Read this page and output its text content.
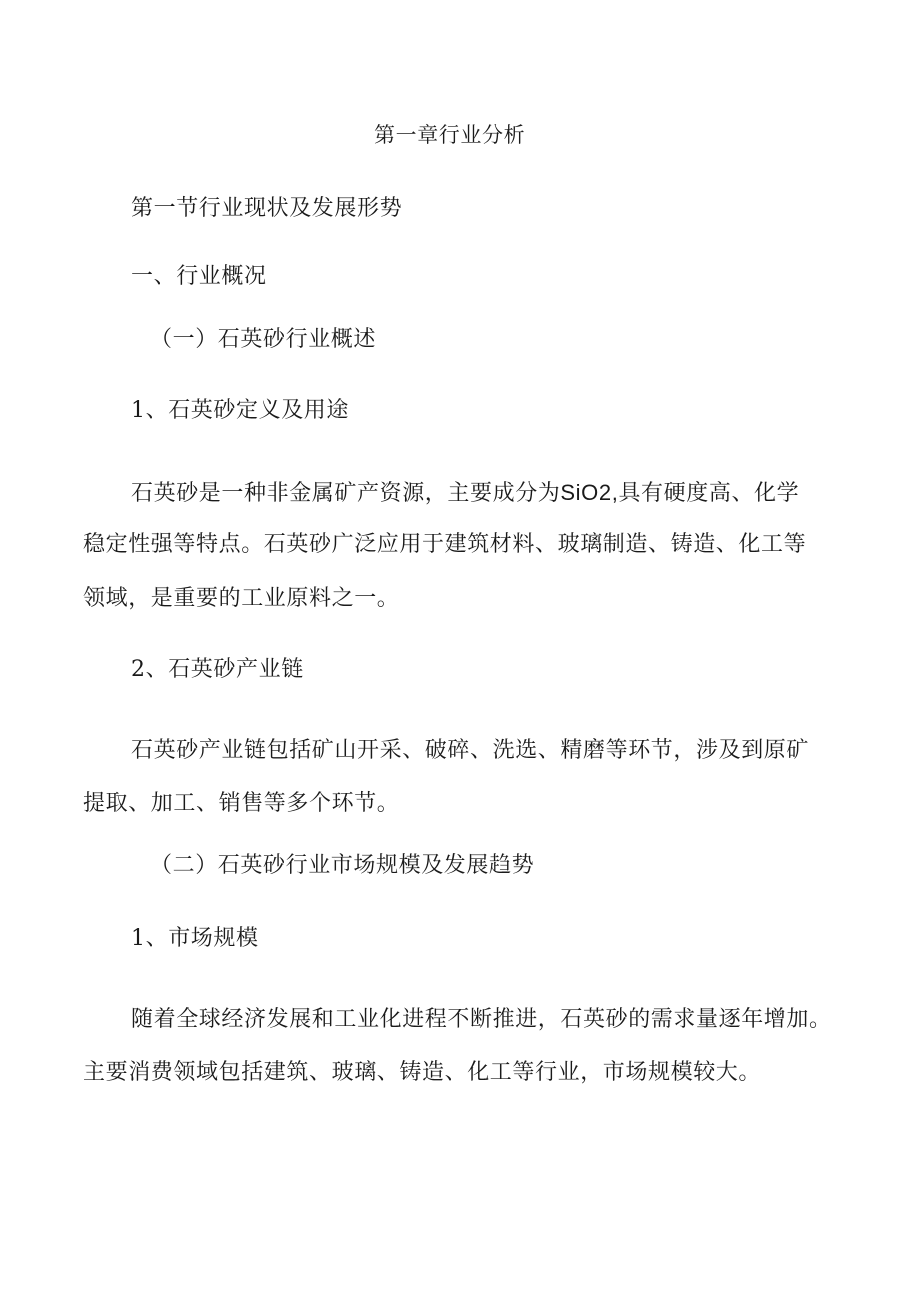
第一章行业分析
第一节行业现状及发展形势
一、行业概况
（一）石英砂行业概述
1、石英砂定义及用途
石英砂是一种非金属矿产资源，主要成分为SiO2,具有硬度高、化学
稳定性强等特点。石英砂广泛应用于建筑材料、玻璃制造、铸造、化工等
领域，是重要的工业原料之一。
2、石英砂产业链
石英砂产业链包括矿山开采、破碎、洗选、精磨等环节，涉及到原矿
提取、加工、销售等多个环节。
（二）石英砂行业市场规模及发展趋势
1、市场规模
随着全球经济发展和工业化进程不断推进，石英砂的需求量逐年增加。
主要消费领域包括建筑、玻璃、铸造、化工等行业，市场规模较大。
